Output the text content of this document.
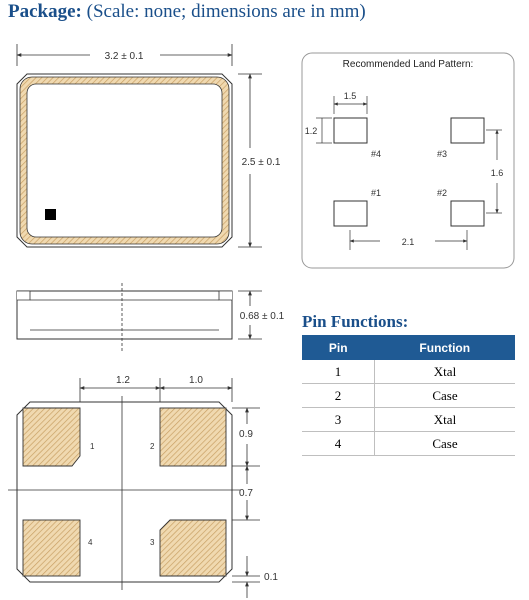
Package: (Scale: none; dimensions are in mm)
3.2 ± 0.1
2.5 ± 0.1
Recommended Land Pattern:
#4	#3
#1	#2
1.5
1.2
1.6
2.1
0.68 ± 0.1
1.2	1.0
1	2
3
4
0.9
0.7
0.1
Pin Functions:
Pin	Function
1	Xtal
2	Case
3	Xtal
4	Case
